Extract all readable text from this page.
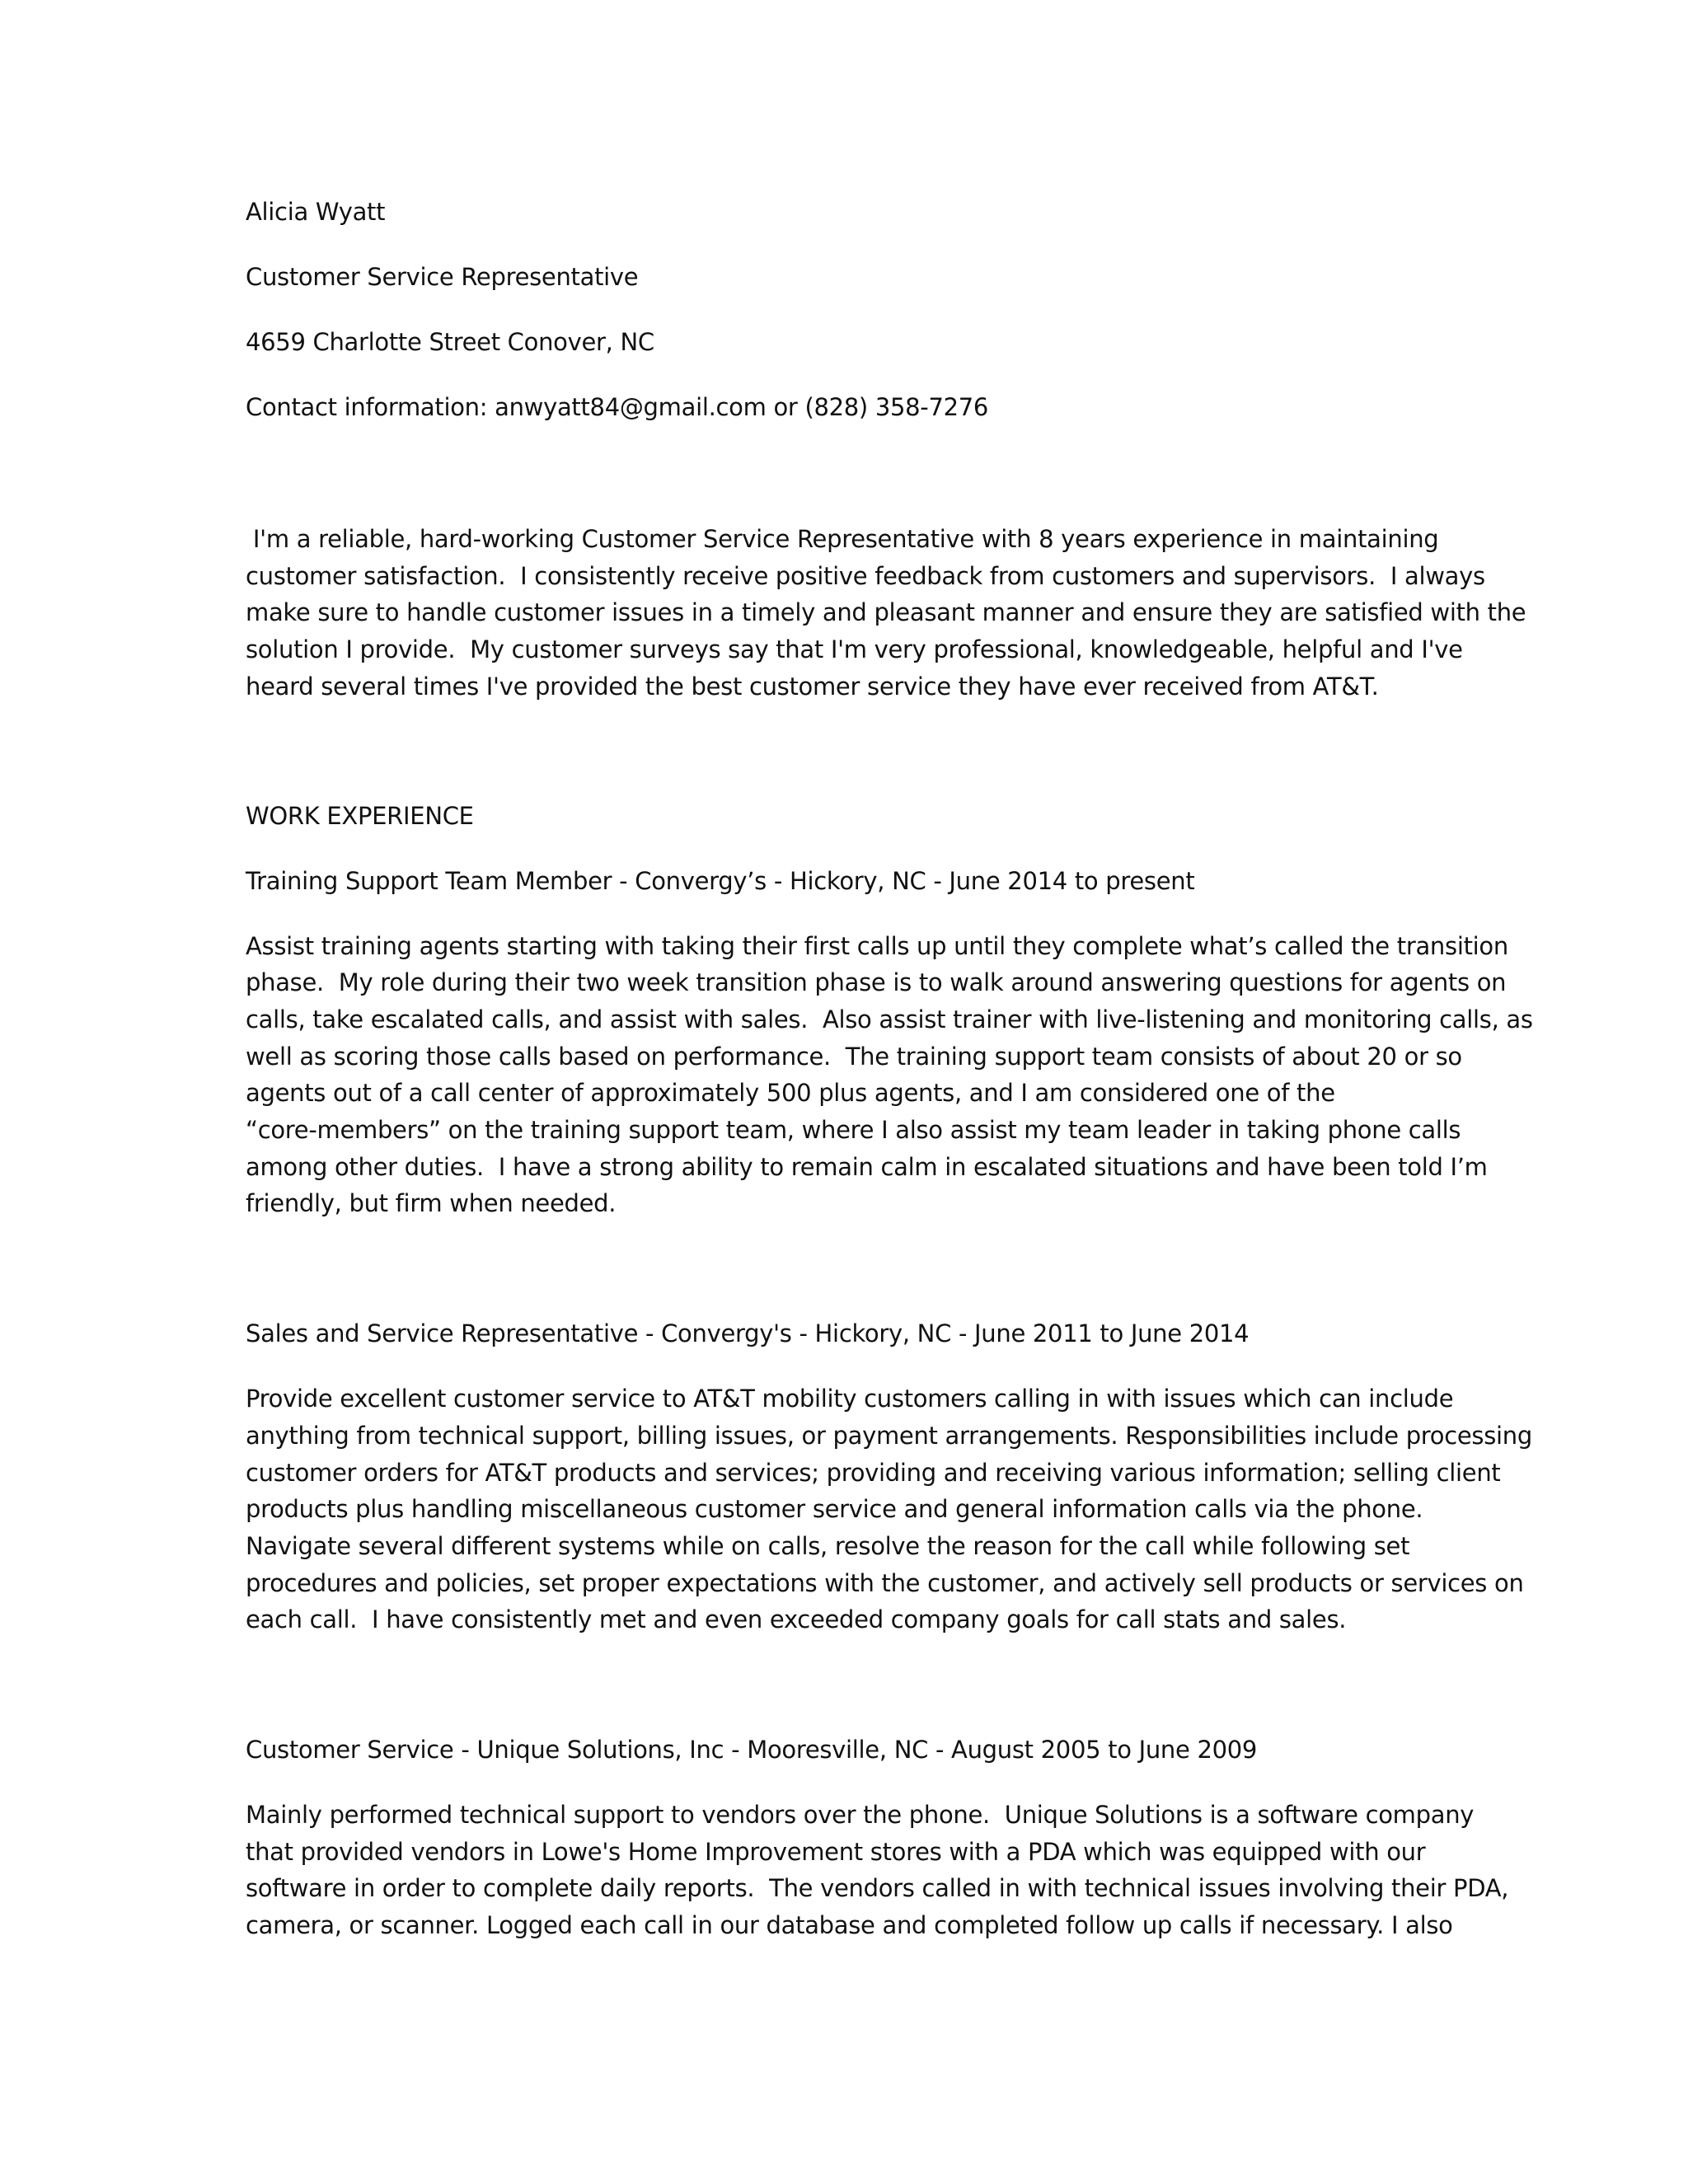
Alicia Wyatt

Customer Service Representative

4659 Charlotte Street Conover, NC

Contact information: anwyatt84@gmail.com or (828) 358-7276

I'm a reliable, hard-working Customer Service Representative with 8 years experience in maintaining
customer satisfaction.  I consistently receive positive feedback from customers and supervisors.  I always
make sure to handle customer issues in a timely and pleasant manner and ensure they are satisfied with the
solution I provide.  My customer surveys say that I'm very professional, knowledgeable, helpful and I've
heard several times I've provided the best customer service they have ever received from AT&T.

WORK EXPERIENCE

Training Support Team Member - Convergy’s - Hickory, NC - June 2014 to present

Assist training agents starting with taking their first calls up until they complete what’s called the transition
phase.  My role during their two week transition phase is to walk around answering questions for agents on
calls, take escalated calls, and assist with sales.  Also assist trainer with live-listening and monitoring calls, as
well as scoring those calls based on performance.  The training support team consists of about 20 or so
agents out of a call center of approximately 500 plus agents, and I am considered one of the
“core-members” on the training support team, where I also assist my team leader in taking phone calls
among other duties.  I have a strong ability to remain calm in escalated situations and have been told I’m
friendly, but firm when needed.

Sales and Service Representative - Convergy's - Hickory, NC - June 2011 to June 2014

Provide excellent customer service to AT&T mobility customers calling in with issues which can include
anything from technical support, billing issues, or payment arrangements. Responsibilities include processing
customer orders for AT&T products and services; providing and receiving various information; selling client
products plus handling miscellaneous customer service and general information calls via the phone.
Navigate several different systems while on calls, resolve the reason for the call while following set
procedures and policies, set proper expectations with the customer, and actively sell products or services on
each call.  I have consistently met and even exceeded company goals for call stats and sales.

Customer Service - Unique Solutions, Inc - Mooresville, NC - August 2005 to June 2009

Mainly performed technical support to vendors over the phone.  Unique Solutions is a software company
that provided vendors in Lowe's Home Improvement stores with a PDA which was equipped with our
software in order to complete daily reports.  The vendors called in with technical issues involving their PDA,
camera, or scanner. Logged each call in our database and completed follow up calls if necessary. I also
